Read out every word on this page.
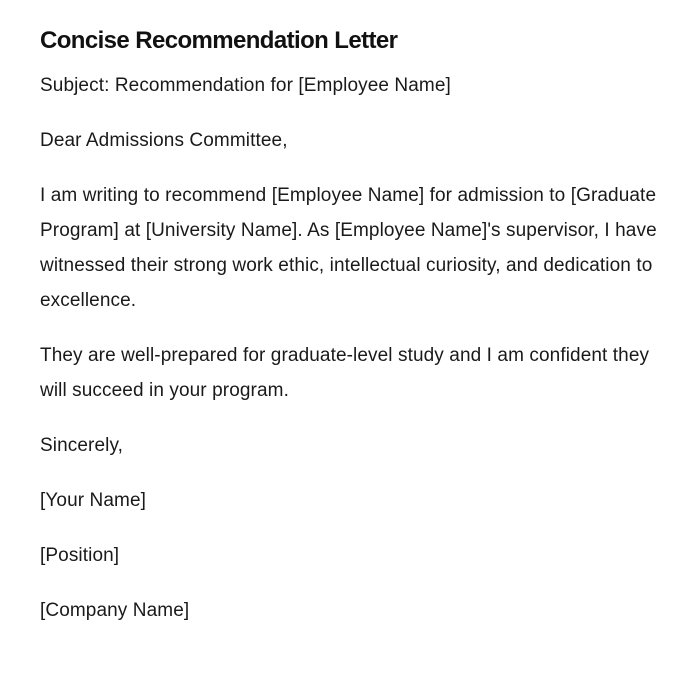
Concise Recommendation Letter

Subject: Recommendation for [Employee Name]

Dear Admissions Committee,

I am writing to recommend [Employee Name] for admission to [Graduate Program] at [University Name]. As [Employee Name]'s supervisor, I have witnessed their strong work ethic, intellectual curiosity, and dedication to excellence.

They are well-prepared for graduate-level study and I am confident they will succeed in your program.

Sincerely,

[Your Name]

[Position]

[Company Name]
